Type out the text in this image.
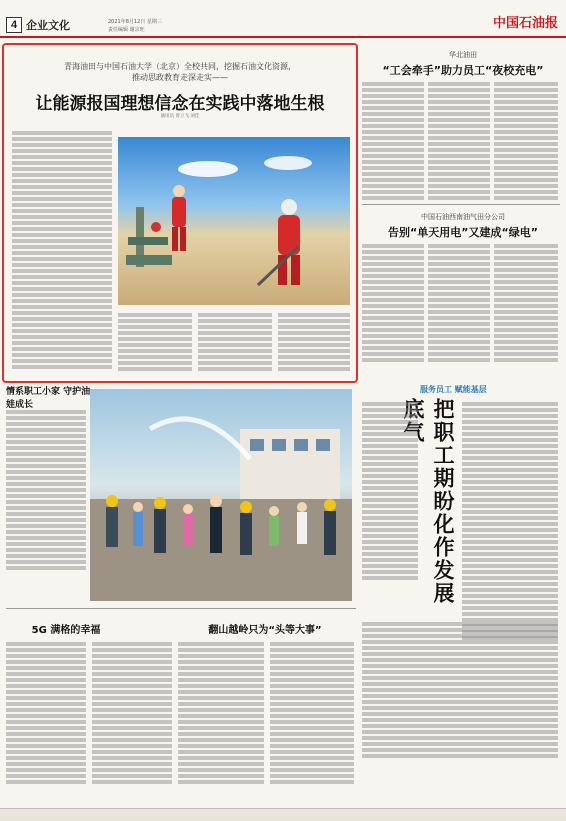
4 企业文化	2021年8月12日 星期三
责任编辑 谢宗旺	中国石油报
青海油田与中国石油大学（北京）全校共同，挖掘石油文化资源，
推动思政教育走深走实——
让能源报国理想信念在实践中落地生根
通讯员 曾立飞 刘佳
华北油田
“工会牵手”助力员工“夜校充电”
中国石油西南油气田分公司
告别“单天用电”又建成“绿电”
服务员工 赋能基层
把职工期盼化作发展底气
情系职工小家 守护油娃成长
5G 满格的幸福	翻山越岭只为“头等大事”
